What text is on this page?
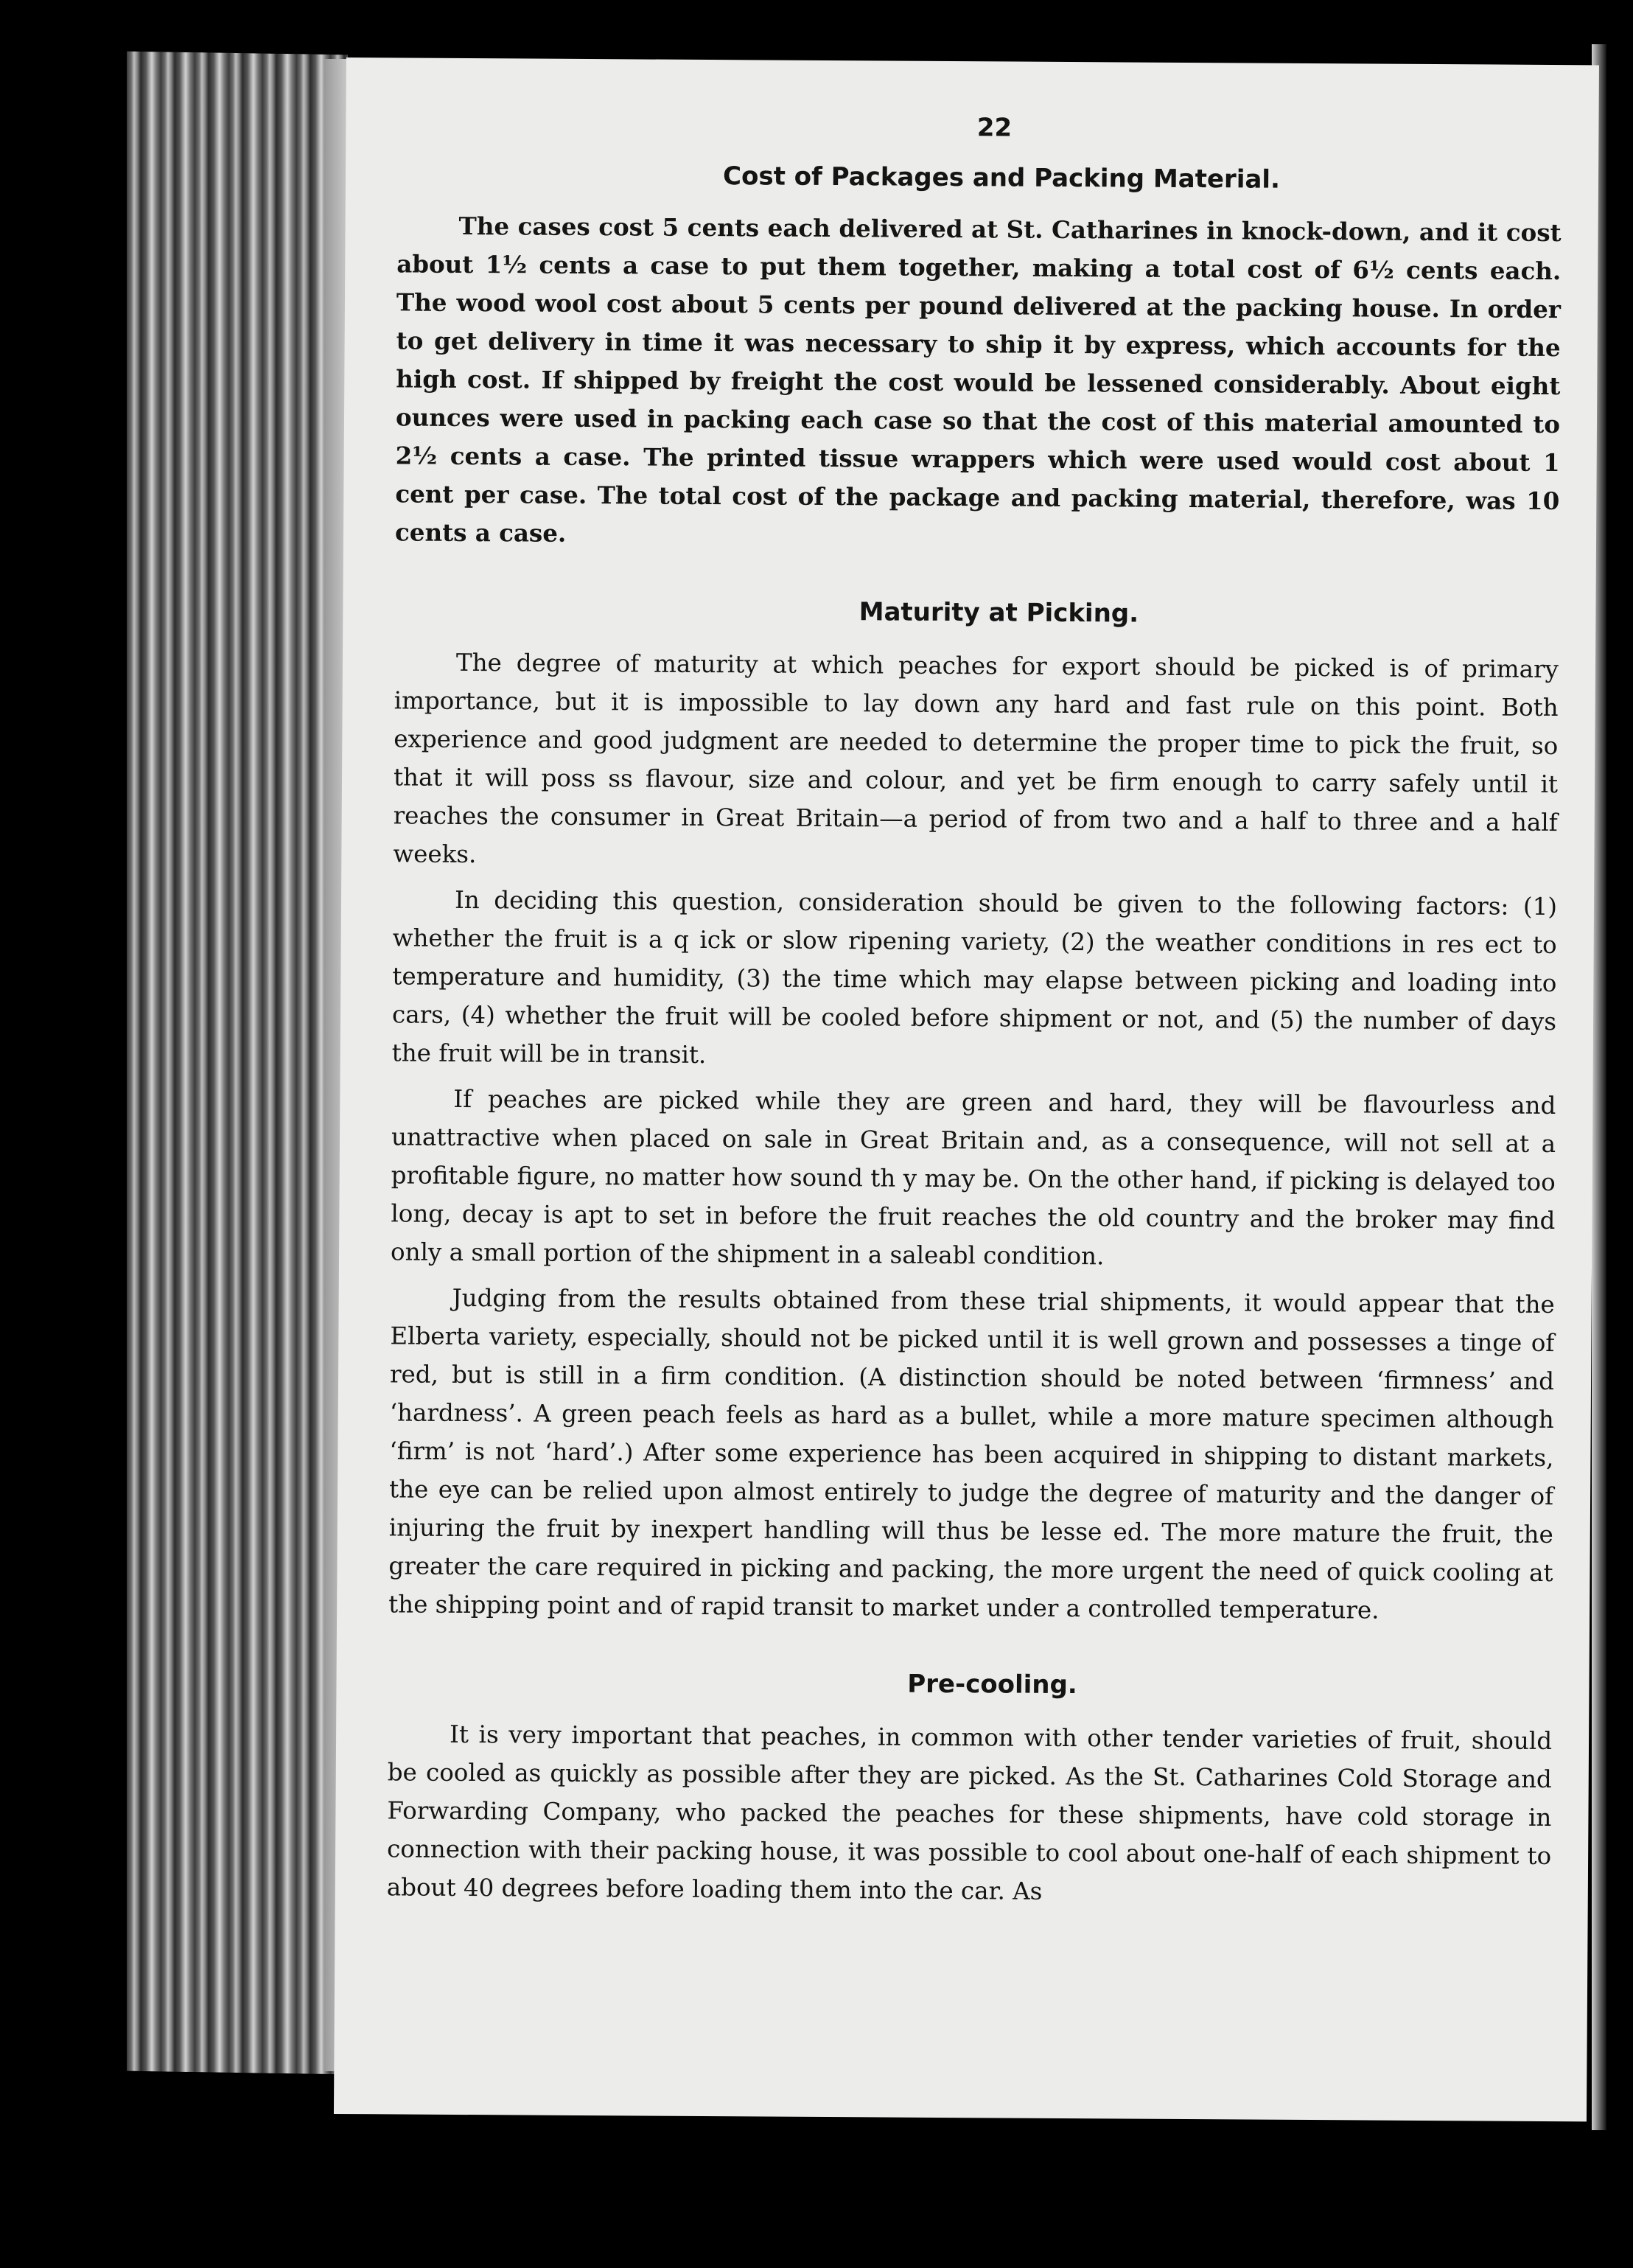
22
Cost of Packages and Packing Material.

The cases cost 5 cents each delivered at St. Catharines in knock-down, and it cost about 1½ cents a case to put them together, making a total cost of 6½ cents each. The wood wool cost about 5 cents per pound delivered at the packing house. In order to get delivery in time it was necessary to ship it by express, which accounts for the high cost. If shipped by freight the cost would be lessened considerably. About eight ounces were used in packing each case so that the cost of this material amounted to 2½ cents a case. The printed tissue wrappers which were used would cost about 1 cent per case. The total cost of the package and packing material, therefore, was 10 cents a case.

Maturity at Picking.

The degree of maturity at which peaches for export should be picked is of primary importance, but it is impossible to lay down any hard and fast rule on this point. Both experience and good judgment are needed to determine the proper time to pick the fruit, so that it will poss ss flavour, size and colour, and yet be firm enough to carry safely until it reaches the consumer in Great Britain—a period of from two and a half to three and a half weeks.

In deciding this question, consideration should be given to the following factors: (1) whether the fruit is a q ick or slow ripening variety, (2) the weather conditions in res ect to temperature and humidity, (3) the time which may elapse between picking and loading into cars, (4) whether the fruit will be cooled before shipment or not, and (5) the number of days the fruit will be in transit.

If peaches are picked while they are green and hard, they will be flavourless and unattractive when placed on sale in Great Britain and, as a consequence, will not sell at a profitable figure, no matter how sound th y may be. On the other hand, if picking is delayed too long, decay is apt to set in before the fruit reaches the old country and the broker may find only a small portion of the shipment in a saleabl condition.

Judging from the results obtained from these trial shipments, it would appear that the Elberta variety, especially, should not be picked until it is well grown and possesses a tinge of red, but is still in a firm condition. (A distinction should be noted between ‘firmness’ and ‘hardness’. A green peach feels as hard as a bullet, while a more mature specimen although ‘firm’ is not ‘hard’.) After some experience has been acquired in shipping to distant markets, the eye can be relied upon almost entirely to judge the degree of maturity and the danger of injuring the fruit by inexpert handling will thus be lesse ed. The more mature the fruit, the greater the care required in picking and packing, the more urgent the need of quick cooling at the shipping point and of rapid transit to market under a controlled temperature.

Pre-cooling.

It is very important that peaches, in common with other tender varieties of fruit, should be cooled as quickly as possible after they are picked. As the St. Catharines Cold Storage and Forwarding Company, who packed the peaches for these shipments, have cold storage in connection with their packing house, it was possible to cool about one-half of each shipment to about 40 degrees before loading them into the car. As
